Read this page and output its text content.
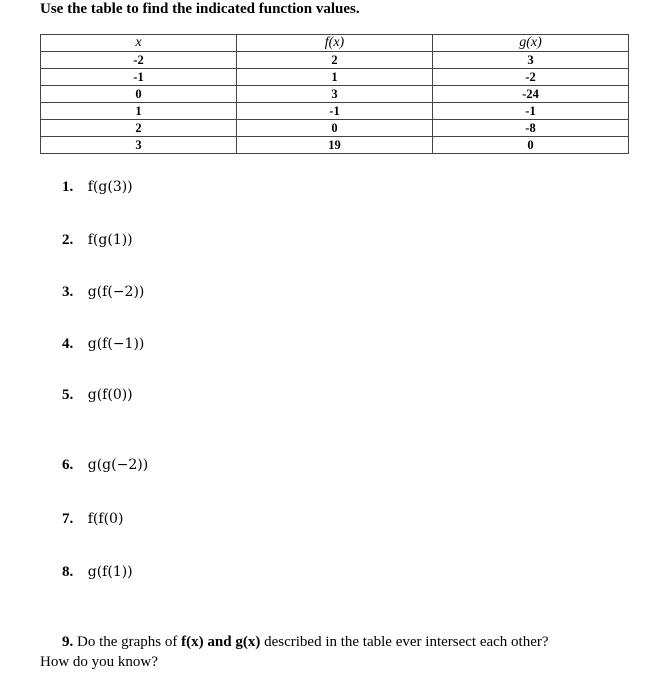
Use the table to find the indicated function values.
x	f(x)	g(x)
-2	2	3
-1	1	-2
0	3	-24
1	-1	-1
2	0	-8
3	19	0
1. f(g(3))
2. f(g(1))
3. g(f(−2))
4. g(f(−1))
5. g(f(0))
6. g(g(−2))
7. f(f(0)
8. g(f(1))
9. Do the graphs of f(x) and g(x) described in the table ever intersect each other?
How do you know?
